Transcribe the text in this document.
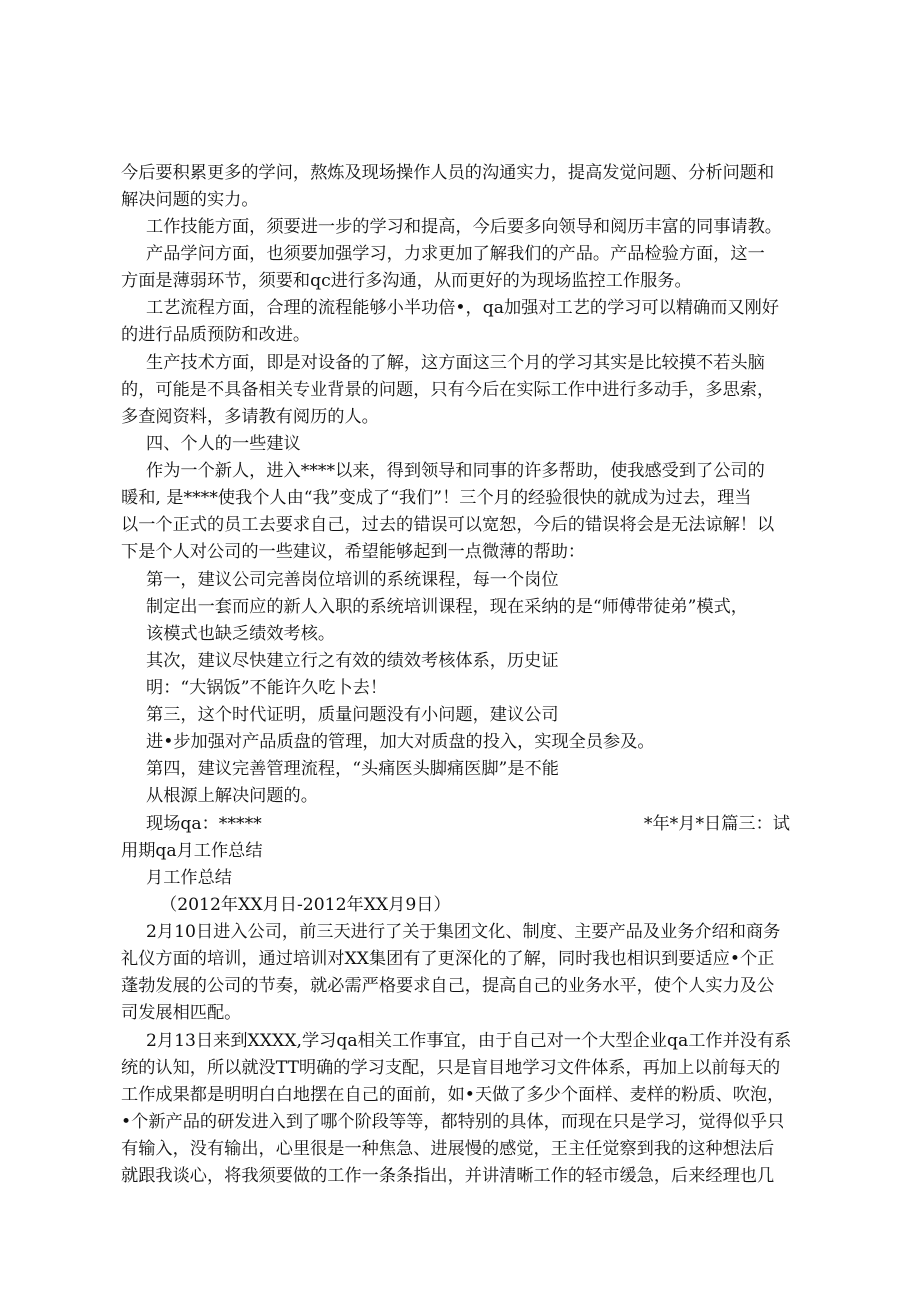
今后要积累更多的学问，熬炼及现场操作人员的沟通实力，提高发觉问题、分析问题和
解决问题的实力。
工作技能方面，须要进一步的学习和提高，今后要多向领导和阅历丰富的同事请教。
产品学问方面，也须要加强学习，力求更加了解我们的产品。产品检验方面，这一
方面是薄弱环节，须要和qc进行多沟通，从而更好的为现场监控工作服务。
工艺流程方面，合理的流程能够小半功倍•，qa加强对工艺的学习可以精确而又刚好
的进行品质预防和改进。
生产技术方面，即是对设备的了解，这方面这三个月的学习其实是比较摸不若头脑
的，可能是不具备相关专业背景的问题，只有今后在实际工作中进行多动手，多思索，
多查阅资料，多请教有阅历的人。
四、个人的一些建议
作为一个新人，进入****以来，得到领导和同事的许多帮助，使我感受到了公司的
暖和, 是****使我个人由“我”变成了“我们”！三个月的经验很快的就成为过去，理当
以一个正式的员工去要求自己，过去的错误可以宽恕，今后的错误将会是无法谅解！以
下是个人对公司的一些建议，希望能够起到一点微薄的帮助：
第一，建议公司完善岗位培训的系统课程，每一个岗位
制定出一套而应的新人入职的系统培训课程，现在采纳的是“师傅带徒弟”模式，
该模式也缺乏绩效考核。
其次，建议尽快建立行之有效的绩效考核体系，历史证
明：“大锅饭”不能许久吃卜去！
第三，这个时代证明，质量问题没有小问题，建议公司
进•步加强对产品质盘的管理，加大对质盘的投入，实现全员参及。
第四，建议完善管理流程，“头痛医头脚痛医脚”是不能
从根源上解决问题的。
现场qa：*****	*年*月*日篇三：试
用期qa月工作总结
月工作总结
（2012年XX月日-2012年XX月9日）
2月10日进入公司，前三天进行了关于集团文化、制度、主要产品及业务介绍和商务
礼仪方面的培训，通过培训对XX集团有了更深化的了解，同时我也相识到要适应•个正
蓬勃发展的公司的节奏，就必需严格要求自己，提高自己的业务水平，使个人实力及公
司发展相匹配。
2月13日来到XXXX,学习qa相关工作事宜，由于自己对一个大型企业qa工作并没有系
统的认知，所以就没TT明确的学习支配，只是盲目地学习文件体系，再加上以前每天的
工作成果都是明明白白地摆在自己的面前，如•天做了多少个面样、麦样的粉质、吹泡，
•个新产品的研发进入到了哪个阶段等等，都特别的具体，而现在只是学习，觉得似乎只
有输入，没有输出，心里很是一种焦急、进展慢的感觉，王主任觉察到我的这种想法后
就跟我谈心，将我须要做的工作一条条指出，并讲清晰工作的轻市缓急，后来经理也几
